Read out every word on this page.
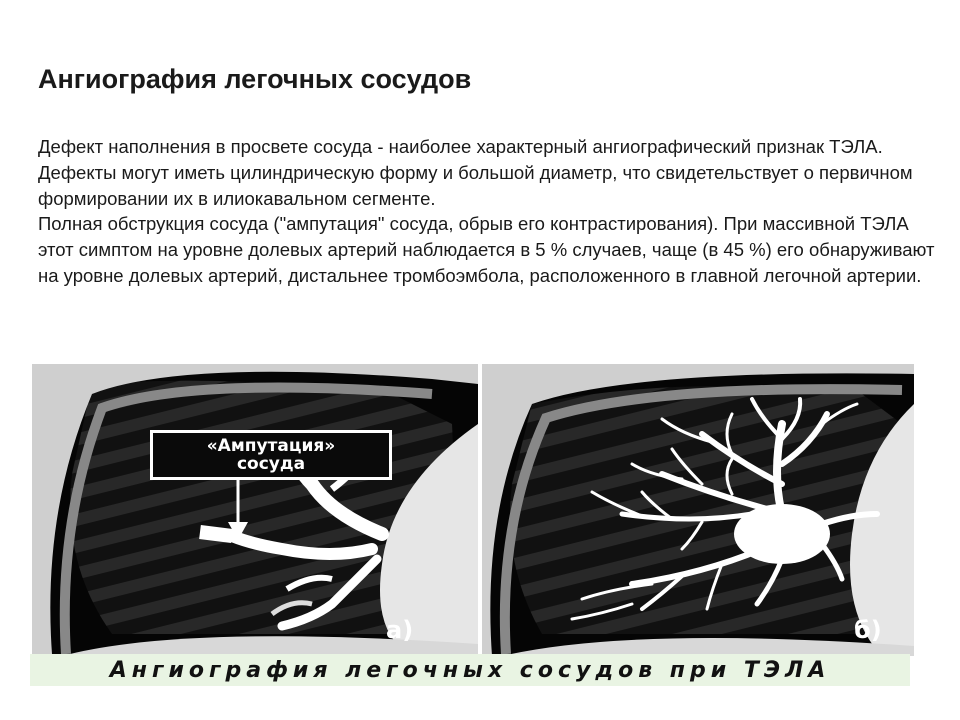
Ангиография легочных сосудов

Дефект наполнения в просвете сосуда - наиболее характерный ангиографический признак ТЭЛА. Дефекты могут иметь цилиндрическую форму и большой диаметр, что свидетельствует о первичном формировании их в илиокавальном сегменте.

Полная обструкция сосуда ("ампутация" сосуда, обрыв его контрастирования). При массивной ТЭЛА этот симптом на уровне долевых артерий наблюдается в 5 % случаев, чаще (в 45 %) его обнаруживают на уровне долевых артерий, дистальнее тромбоэмбола, расположенного в главной легочной артерии.

«Ампутация»
сосуда
а)	б)
Ангиография легочных сосудов при ТЭЛА
